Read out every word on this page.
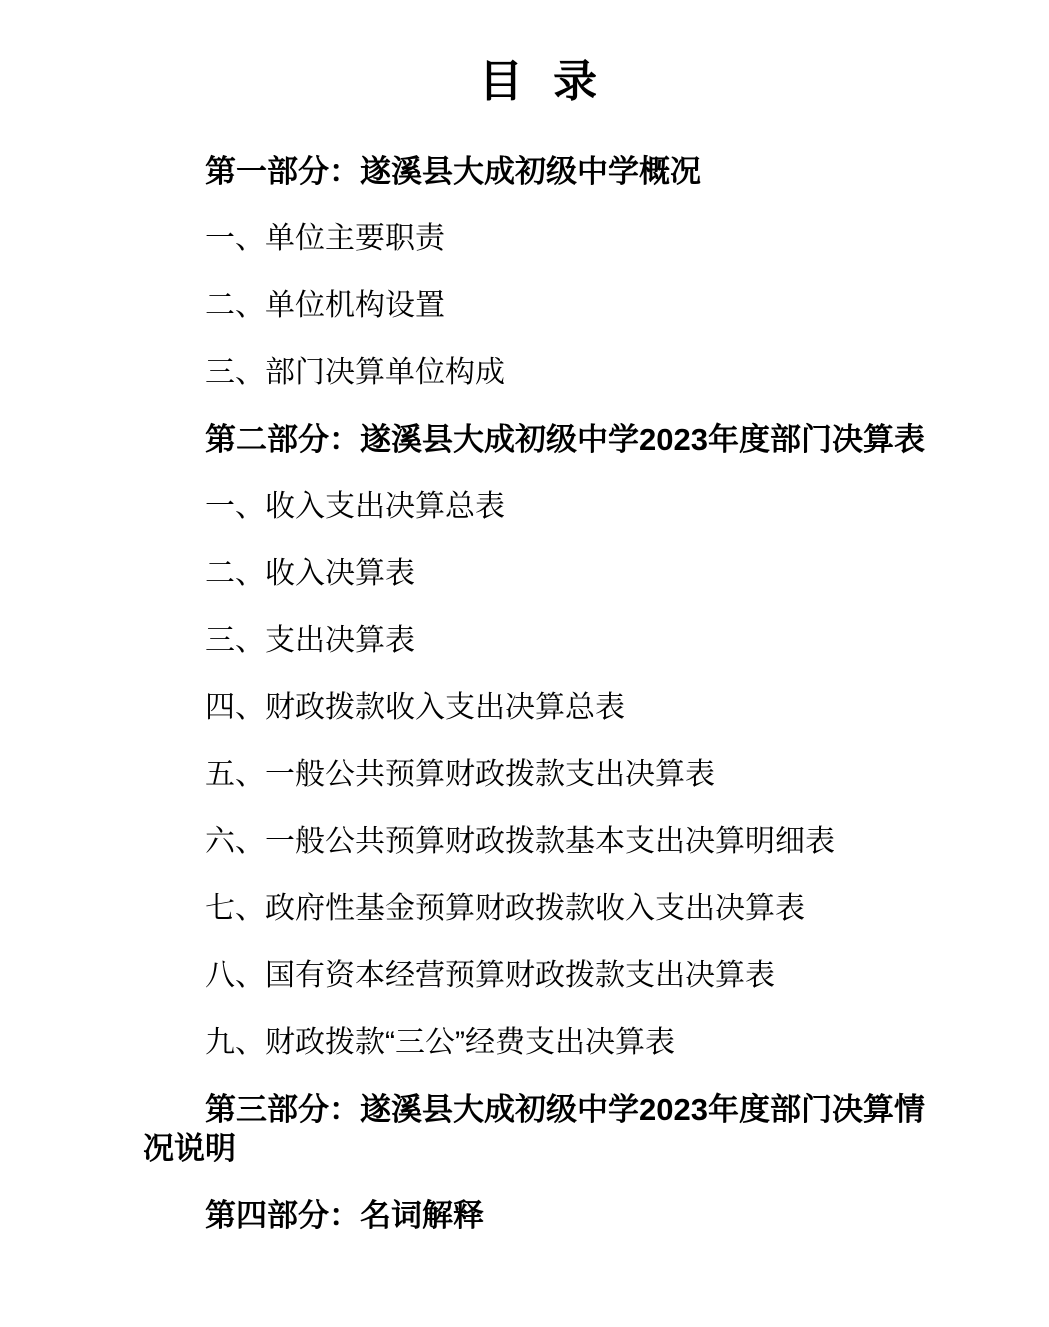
目 录

第一部分：遂溪县大成初级中学概况

一、单位主要职责

二、单位机构设置

三、部门决算单位构成

第二部分：遂溪县大成初级中学2023年度部门决算表

一、收入支出决算总表

二、收入决算表

三、支出决算表

四、财政拨款收入支出决算总表

五、一般公共预算财政拨款支出决算表

六、一般公共预算财政拨款基本支出决算明细表

七、政府性基金预算财政拨款收入支出决算表

八、国有资本经营预算财政拨款支出决算表

九、财政拨款“三公”经费支出决算表

第三部分：遂溪县大成初级中学2023年度部门决算情况说明

第四部分：名词解释
